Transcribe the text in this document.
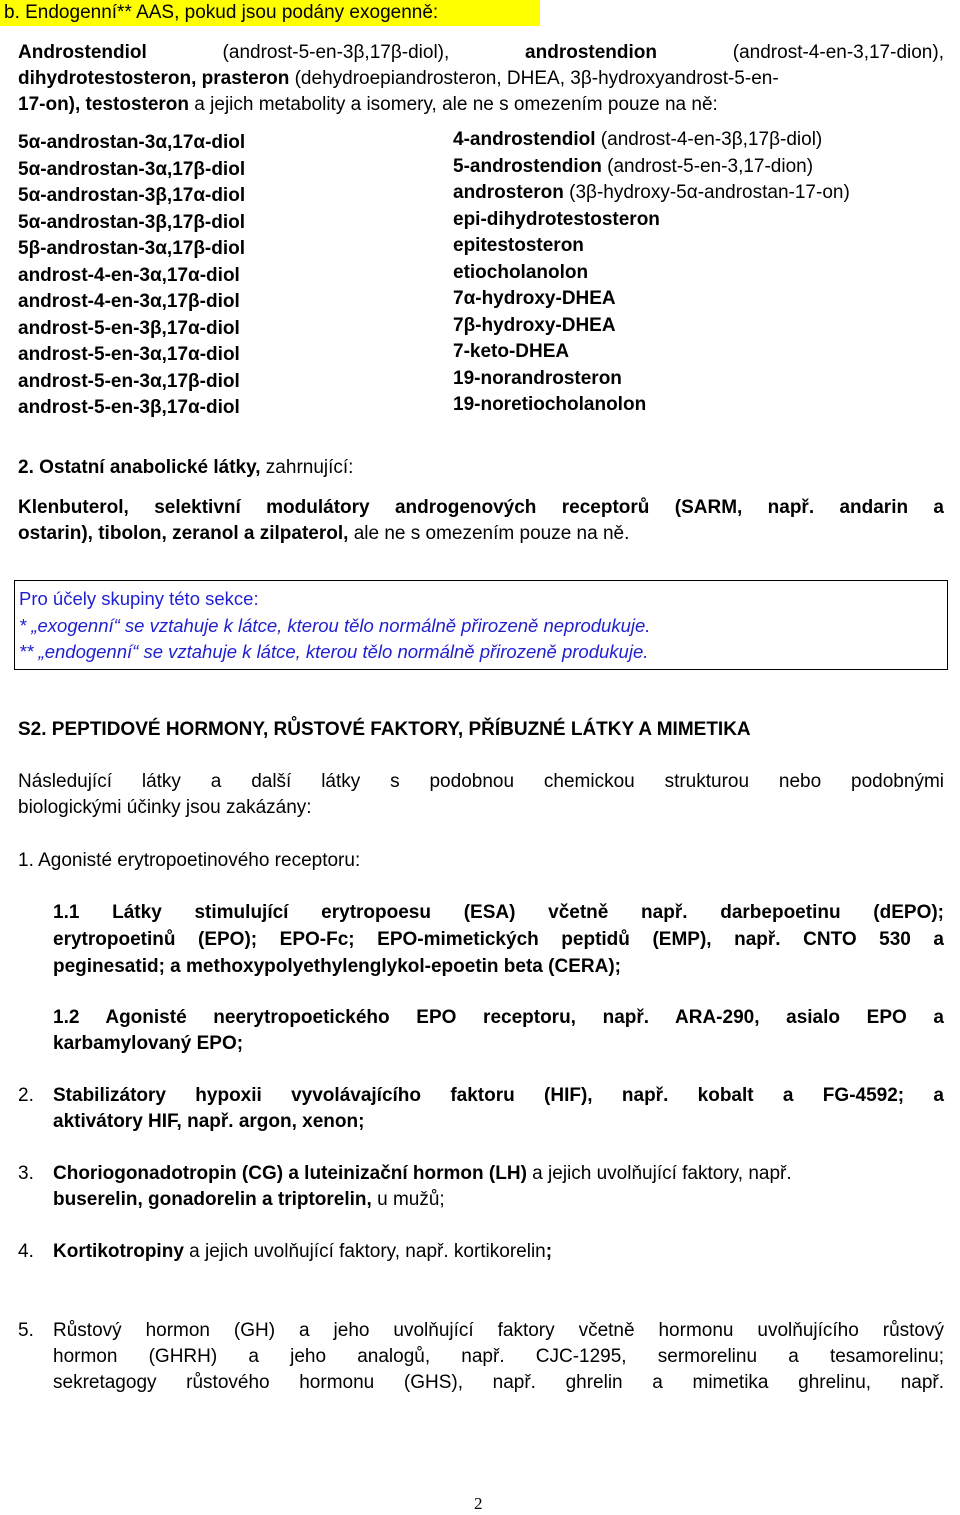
b. Endogenní** AAS, pokud jsou podány exogenně:
Androstendiol	(androst-5-en-3β,17β-diol),	androstendion	(androst-4-en-3,17-dion),
dihydrotestosteron, prasteron (dehydroepiandrosteron, DHEA, 3β-hydroxyandrost-5-en-
17-on), testosteron a jejich metabolity a isomery, ale ne s omezením pouze na ně:
5α-androstan-3α,17α-diol
5α-androstan-3α,17β-diol
5α-androstan-3β,17α-diol
5α-androstan-3β,17β-diol
5β-androstan-3α,17β-diol
androst-4-en-3α,17α-diol
androst-4-en-3α,17β-diol
androst-5-en-3β,17α-diol
androst-5-en-3α,17α-diol
androst-5-en-3α,17β-diol
androst-5-en-3β,17α-diol
4-androstendiol (androst-4-en-3β,17β-diol)
5-androstendion (androst-5-en-3,17-dion)
androsteron (3β-hydroxy-5α-androstan-17-on)
epi-dihydrotestosteron
epitestosteron
etiocholanolon
7α-hydroxy-DHEA
7β-hydroxy-DHEA
7-keto-DHEA
19-norandrosteron
19-noretiocholanolon
2. Ostatní anabolické látky, zahrnující:
Klenbuterol, selektivní modulátory androgenových receptorů (SARM, např. andarin a
ostarin), tibolon, zeranol a zilpaterol, ale ne s omezením pouze na ně.
Pro účely skupiny této sekce:
* „exogenní“ se vztahuje k látce, kterou tělo normálně přirozeně neprodukuje.
** „endogenní“ se vztahuje k látce, kterou tělo normálně přirozeně produkuje.
S2. PEPTIDOVÉ HORMONY, RŮSTOVÉ FAKTORY, PŘÍBUZNÉ LÁTKY A MIMETIKA
Následující látky a další látky s podobnou chemickou strukturou nebo podobnými
biologickými účinky jsou zakázány:
1. Agonisté erytropoetinového receptoru:
1.1 Látky stimulující erytropoesu (ESA) včetně např. darbepoetinu (dEPO);
erytropoetinů (EPO); EPO-Fc; EPO-mimetických peptidů (EMP), např. CNTO 530 a
peginesatid; a methoxypolyethylenglykol-epoetin beta (CERA);
1.2 Agonisté neerytropoetického EPO receptoru, např. ARA-290, asialo EPO a
karbamylovaný EPO;
2. Stabilizátory hypoxii vyvolávajícího faktoru (HIF), např. kobalt a FG-4592; a
aktivátory HIF, např. argon, xenon;
3. Choriogonadotropin (CG) a luteinizační hormon (LH) a jejich uvolňující faktory, např.
buserelin, gonadorelin a triptorelin, u mužů;
4. Kortikotropiny a jejich uvolňující faktory, např. kortikorelin;
5. Růstový hormon (GH) a jeho uvolňující faktory včetně hormonu uvolňujícího růstový
hormon (GHRH) a jeho analogů, např. CJC-1295, sermorelinu a tesamorelinu;
sekretagogy růstového hormonu (GHS), např. ghrelin a mimetika ghrelinu, např.
2
